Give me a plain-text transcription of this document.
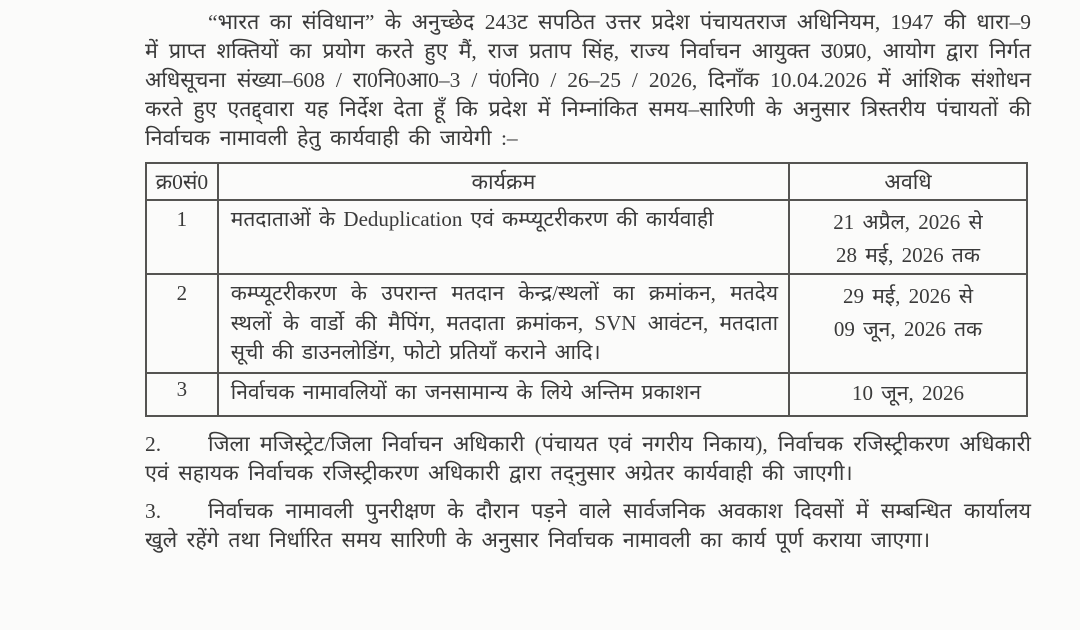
“भारत का संविधान” के अनुच्छेद 243ट सपठित उत्तर प्रदेश पंचायतराज अधिनियम, 1947 की धारा–9 में प्राप्त शक्तियों का प्रयोग करते हुए मैं, राज प्रताप सिंह, राज्य निर्वाचन आयुक्त उ0प्र0, आयोग द्वारा निर्गत अधिसूचना संख्या–608 / रा0नि0आ0–3 / पं0नि0 / 26–25 / 2026, दिनाँक 10.04.2026 में आंशिक संशोधन करते हुए एतद्द्वारा यह निर्देश देता हूँ कि प्रदेश में निम्नांकित समय–सारिणी के अनुसार त्रिस्तरीय पंचायतों की निर्वाचक नामावली हेतु कार्यवाही की जायेगी :–

क्र0सं0	कार्यक्रम	अवधि
1	मतदाताओं के Deduplication एवं कम्प्यूटरीकरण की कार्यवाही	21 अप्रैल, 2026 से
28 मई, 2026 तक

2	कम्प्यूटरीकरण के उपरान्त मतदान केन्द्र/स्थलों का क्रमांकन, मतदेय स्थलों के वार्डो की मैपिंग, मतदाता क्रमांकन, SVN आवंटन, मतदाता सूची की डाउनलोडिंग, फोटो प्रतियाँ कराने आदि।	29 मई, 2026 से
09 जून, 2026 तक

3	निर्वाचक नामावलियों का जनसामान्य के लिये अन्तिम प्रकाशन	10 जून, 2026

2. जिला मजिस्ट्रेट/जिला निर्वाचन अधिकारी (पंचायत एवं नगरीय निकाय), निर्वाचक रजिस्ट्रीकरण अधिकारी एवं सहायक निर्वाचक रजिस्ट्रीकरण अधिकारी द्वारा तद्नुसार अग्रेतर कार्यवाही की जाएगी।

3. निर्वाचक नामावली पुनरीक्षण के दौरान पड़ने वाले सार्वजनिक अवकाश दिवसों में सम्बन्धित कार्यालय खुले रहेंगे तथा निर्धारित समय सारिणी के अनुसार निर्वाचक नामावली का कार्य पूर्ण कराया जाएगा।
